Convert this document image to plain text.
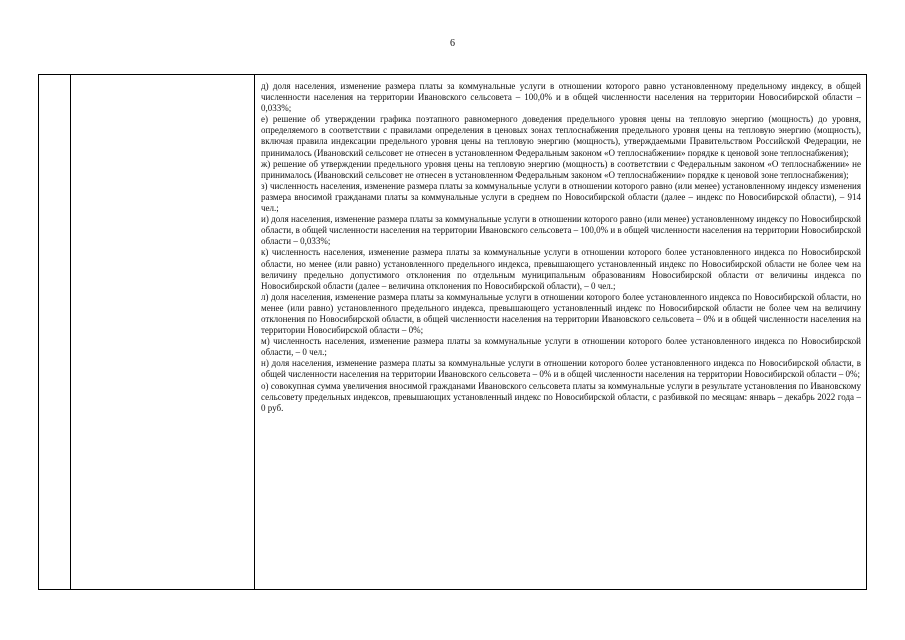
6

д) доля населения, изменение размера платы за коммунальные услуги в отношении которого равно установленному предельному индексу, в общей численности населения на территории Ивановского сельсовета – 100,0% и в общей численности населения на территории Новосибирской области – 0,033%;

е) решение об утверждении графика поэтапного равномерного доведения предельного уровня цены на тепловую энергию (мощность) до уровня, определяемого в соответствии с правилами определения в ценовых зонах теплоснабжения предельного уровня цены на тепловую энергию (мощность), включая правила индексации предельного уровня цены на тепловую энергию (мощность), утверждаемыми Правительством Российской Федерации, не принималось (Ивановский сельсовет не отнесен в установленном Федеральным законом «О теплоснабжении» порядке к ценовой зоне теплоснабжения);

ж) решение об утверждении предельного уровня цены на тепловую энергию (мощность) в соответствии с Федеральным законом «О теплоснабжении» не принималось (Ивановский сельсовет не отнесен в установленном Федеральным законом «О теплоснабжении» порядке к ценовой зоне теплоснабжения);

з) численность населения, изменение размера платы за коммунальные услуги в отношении которого равно (или менее) установленному индексу изменения размера вносимой гражданами платы за коммунальные услуги в среднем по Новосибирской области (далее – индекс по Новосибирской области), – 914 чел.;

и) доля населения, изменение размера платы за коммунальные услуги в отношении которого равно (или менее) установленному индексу по Новосибирской области, в общей численности населения на территории Ивановского сельсовета – 100,0% и в общей численности населения на территории Новосибирской области – 0,033%;

к) численность населения, изменение размера платы за коммунальные услуги в отношении которого более установленного индекса по Новосибирской области, но менее (или равно) установленного предельного индекса, превышающего установленный индекс по Новосибирской области не более чем на величину предельно допустимого отклонения по отдельным муниципальным образованиям Новосибирской области от величины индекса по Новосибирской области (далее – величина отклонения по Новосибирской области), – 0 чел.;

л) доля населения, изменение размера платы за коммунальные услуги в отношении которого более установленного индекса по Новосибирской области, но менее (или равно) установленного предельного индекса, превышающего установленный индекс по Новосибирской области не более чем на величину отклонения по Новосибирской области, в общей численности населения на территории Ивановского сельсовета – 0% и в общей численности населения на территории Новосибирской области – 0%;

м) численность населения, изменение размера платы за коммунальные услуги в отношении которого более установленного индекса по Новосибирской области, – 0 чел.;

н) доля населения, изменение размера платы за коммунальные услуги в отношении которого более установленного индекса по Новосибирской области, в общей численности населения на территории Ивановского сельсовета – 0% и в общей численности населения на территории Новосибирской области – 0%;

о) совокупная сумма увеличения вносимой гражданами Ивановского сельсовета платы за коммунальные услуги в результате установления по Ивановскому сельсовету предельных индексов, превышающих установленный индекс по Новосибирской области, с разбивкой по месяцам: январь – декабрь 2022 года – 0 руб.
